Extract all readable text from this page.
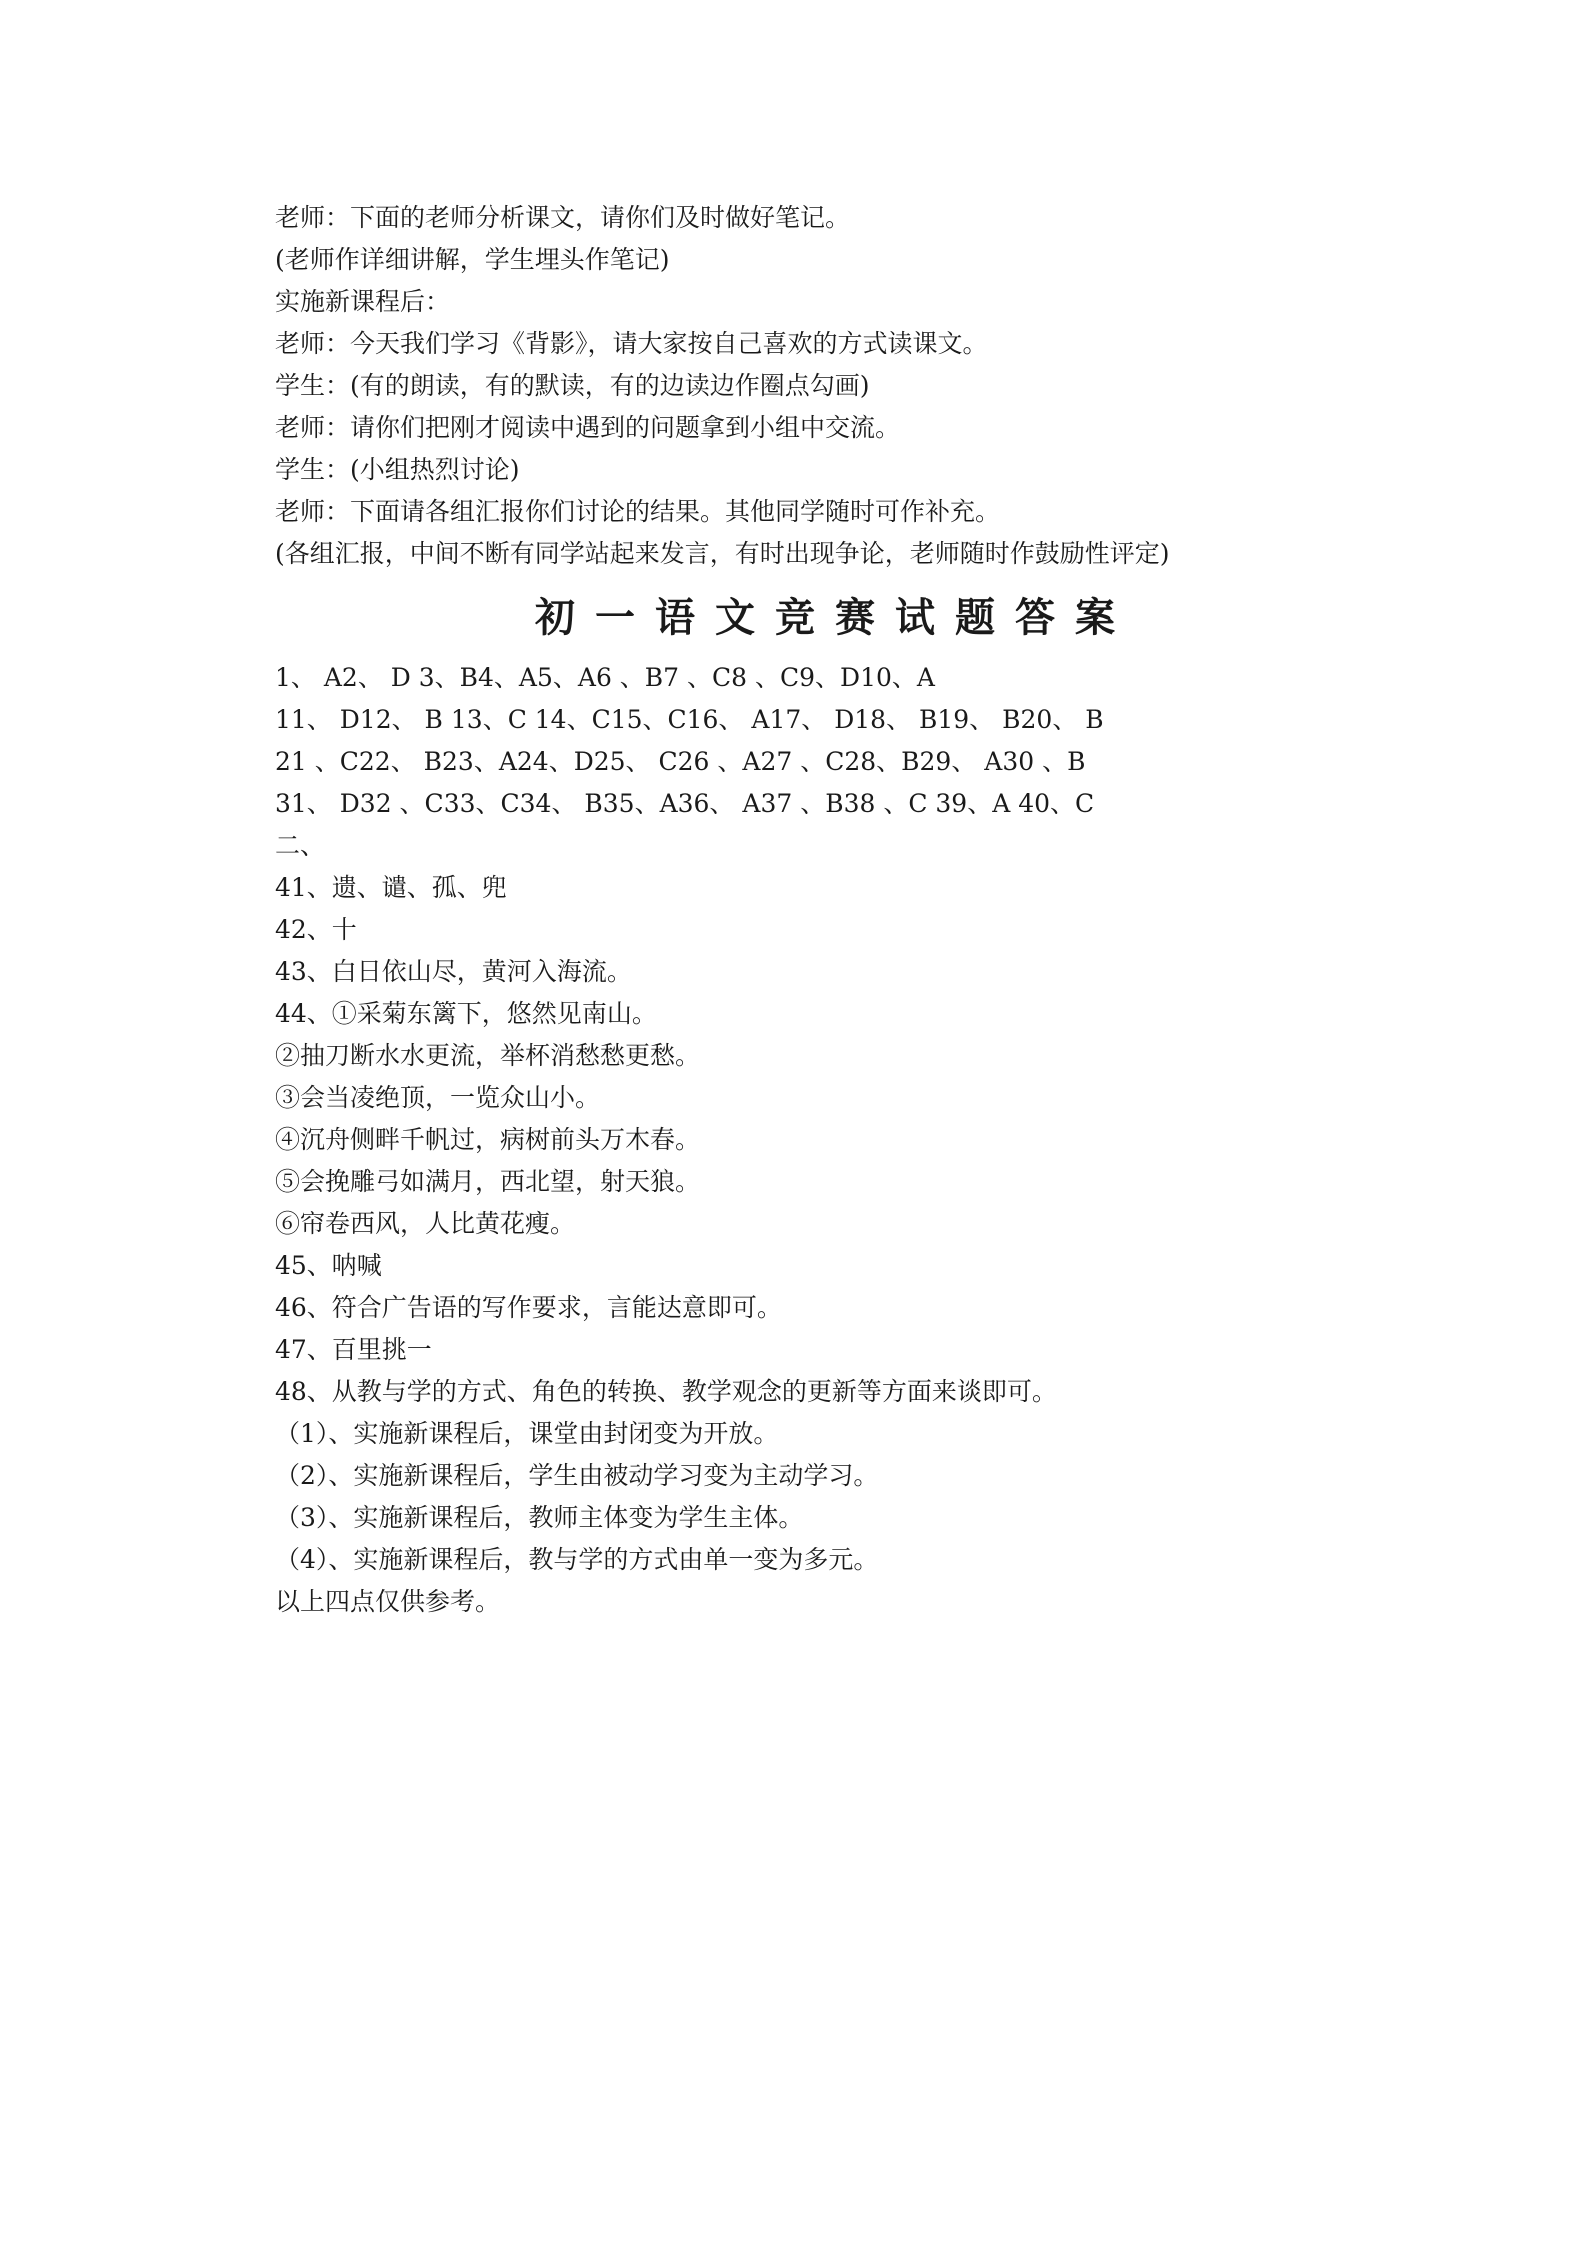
老师：下面的老师分析课文，请你们及时做好笔记。
(老师作详细讲解，学生埋头作笔记)
实施新课程后：
老师：今天我们学习《背影》，请大家按自己喜欢的方式读课文。
学生：(有的朗读，有的默读，有的边读边作圈点勾画)
老师：请你们把刚才阅读中遇到的问题拿到小组中交流。
学生：(小组热烈讨论)
老师：下面请各组汇报你们讨论的结果。其他同学随时可作补充。
(各组汇报，中间不断有同学站起来发言，有时出现争论，老师随时作鼓励性评定)
初一语文竞赛试题答案
1、 A2、 D 3、B4、A5、A6 、B7 、C8 、C9、D10、A
11、 D12、 B 13、C 14、C15、C16、 A17、 D18、 B19、 B20、 B
21 、C22、 B23、A24、D25、 C26 、A27 、C28、B29、 A30 、B
31、 D32 、C33、C34、 B35、A36、 A37 、B38 、C 39、A 40、C
二、
41、遗、谴、孤、兜
42、十
43、白日依山尽，黄河入海流。
44、①采菊东篱下，悠然见南山。
②抽刀断水水更流，举杯消愁愁更愁。
③会当凌绝顶，一览众山小。
④沉舟侧畔千帆过，病树前头万木春。
⑤会挽雕弓如满月，西北望，射天狼。
⑥帘卷西风，人比黄花瘦。
45、呐喊
46、符合广告语的写作要求，言能达意即可。
47、百里挑一
48、从教与学的方式、角色的转换、教学观念的更新等方面来谈即可。
（1）、实施新课程后，课堂由封闭变为开放。
（2）、实施新课程后，学生由被动学习变为主动学习。
（3）、实施新课程后，教师主体变为学生主体。
（4）、实施新课程后，教与学的方式由单一变为多元。
以上四点仅供参考。
